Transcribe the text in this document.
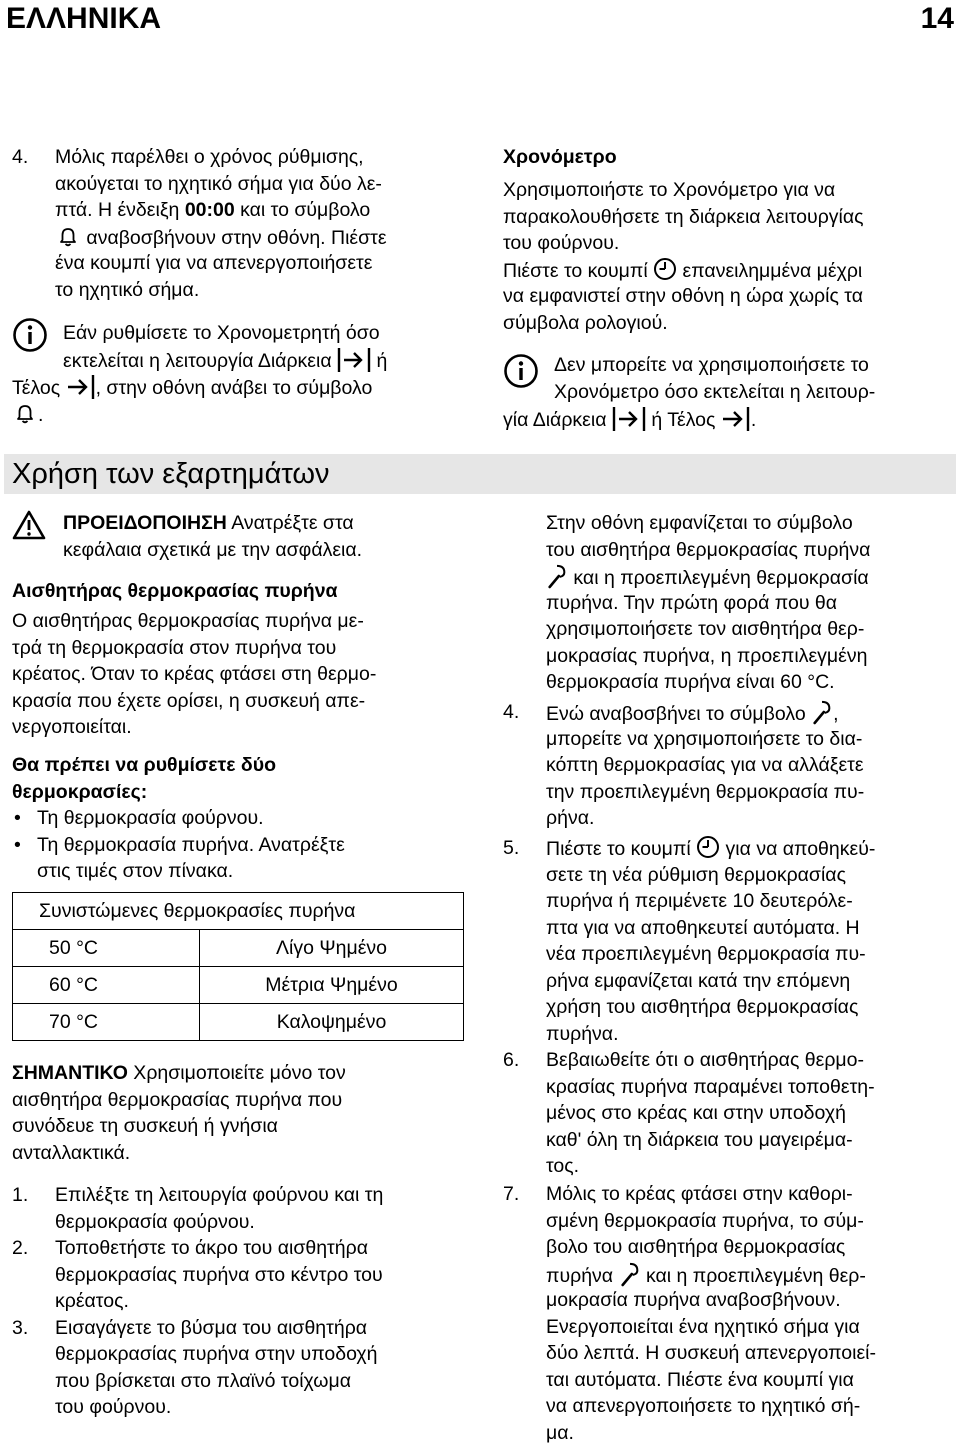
ΕΛΛΗΝΙΚΑ	14
4. Μόλις παρέλθει ο χρόνος ρύθμισης,
ακούγεται το ηχητικό σήμα για δύο λε-
πτά. Η ένδειξη 00:00 και το σύμβολο
αναβοσβήνουν στην οθόνη. Πιέστε
ένα κουμπί για να απενεργοποιήσετε
το ηχητικό σήμα.
Εάν ρυθμίσετε το Χρονομετρητή όσο
εκτελείται η λειτουργία Διάρκεια ή
Τέλος , στην οθόνη ανάβει το σύμβολο
.
Χρονόμετρο
Χρησιμοποιήστε το Χρονόμετρο για να
παρακολουθήσετε τη διάρκεια λειτουργίας
του φούρνου.
Πιέστε το κουμπί επανειλημμένα μέχρι
να εμφανιστεί στην οθόνη η ώρα χωρίς τα
σύμβολα ρολογιού.
Δεν μπορείτε να χρησιμοποιήσετε το
Χρονόμετρο όσο εκτελείται η λειτουρ-
γία Διάρκεια ή Τέλος .
Χρήση των εξαρτημάτων
ΠΡΟΕΙΔΟΠΟΙΗΣΗ Ανατρέξτε στα
κεφάλαια σχετικά με την ασφάλεια.
Αισθητήρας θερμοκρασίας πυρήνα
Ο αισθητήρας θερμοκρασίας πυρήνα με-
τρά τη θερμοκρασία στον πυρήνα του
κρέατος. Όταν το κρέας φτάσει στη θερμο-
κρασία που έχετε ορίσει, η συσκευή απε-
νεργοποιείται.
Θα πρέπει να ρυθμίσετε δύο
θερμοκρασίες:
• Τη θερμοκρασία φούρνου.
• Τη θερμοκρασία πυρήνα. Ανατρέξτε
στις τιμές στον πίνακα.
Συνιστώμενες θερμοκρασίες πυρήνα	
50 °C	Λίγο Ψημένο
60 °C	Μέτρια Ψημένο
70 °C	Καλοψημένο
ΣΗΜΑΝΤΙΚΟ Χρησιμοποιείτε μόνο τον
αισθητήρα θερμοκρασίας πυρήνα που
συνόδευε τη συσκευή ή γνήσια
ανταλλακτικά.
1. Επιλέξτε τη λειτουργία φούρνου και τη
θερμοκρασία φούρνου.
2. Τοποθετήστε το άκρο του αισθητήρα
θερμοκρασίας πυρήνα στο κέντρο του
κρέατος.
3. Εισαγάγετε το βύσμα του αισθητήρα
θερμοκρασίας πυρήνα στην υποδοχή
που βρίσκεται στο πλαϊνό τοίχωμα
του φούρνου.
Στην οθόνη εμφανίζεται το σύμβολο
του αισθητήρα θερμοκρασίας πυρήνα
και η προεπιλεγμένη θερμοκρασία
πυρήνα. Την πρώτη φορά που θα
χρησιμοποιήσετε τον αισθητήρα θερ-
μοκρασίας πυρήνα, η προεπιλεγμένη
θερμοκρασία πυρήνα είναι 60 °C.
4. Ενώ αναβοσβήνει το σύμβολο ,
μπορείτε να χρησιμοποιήσετε το δια-
κόπτη θερμοκρασίας για να αλλάξετε
την προεπιλεγμένη θερμοκρασία πυ-
ρήνα.
5. Πιέστε το κουμπί για να αποθηκεύ-
σετε τη νέα ρύθμιση θερμοκρασίας
πυρήνα ή περιμένετε 10 δευτερόλε-
πτα για να αποθηκευτεί αυτόματα. Η
νέα προεπιλεγμένη θερμοκρασία πυ-
ρήνα εμφανίζεται κατά την επόμενη
χρήση του αισθητήρα θερμοκρασίας
πυρήνα.
6. Βεβαιωθείτε ότι ο αισθητήρας θερμο-
κρασίας πυρήνα παραμένει τοποθετη-
μένος στο κρέας και στην υποδοχή
καθ' όλη τη διάρκεια του μαγειρέμα-
τος.
7. Μόλις το κρέας φτάσει στην καθορι-
σμένη θερμοκρασία πυρήνα, το σύμ-
βολο του αισθητήρα θερμοκρασίας
πυρήνα και η προεπιλεγμένη θερ-
μοκρασία πυρήνα αναβοσβήνουν.
Ενεργοποιείται ένα ηχητικό σήμα για
δύο λεπτά. Η συσκευή απενεργοποιεί-
ται αυτόματα. Πιέστε ένα κουμπί για
να απενεργοποιήσετε το ηχητικό σή-
μα.
